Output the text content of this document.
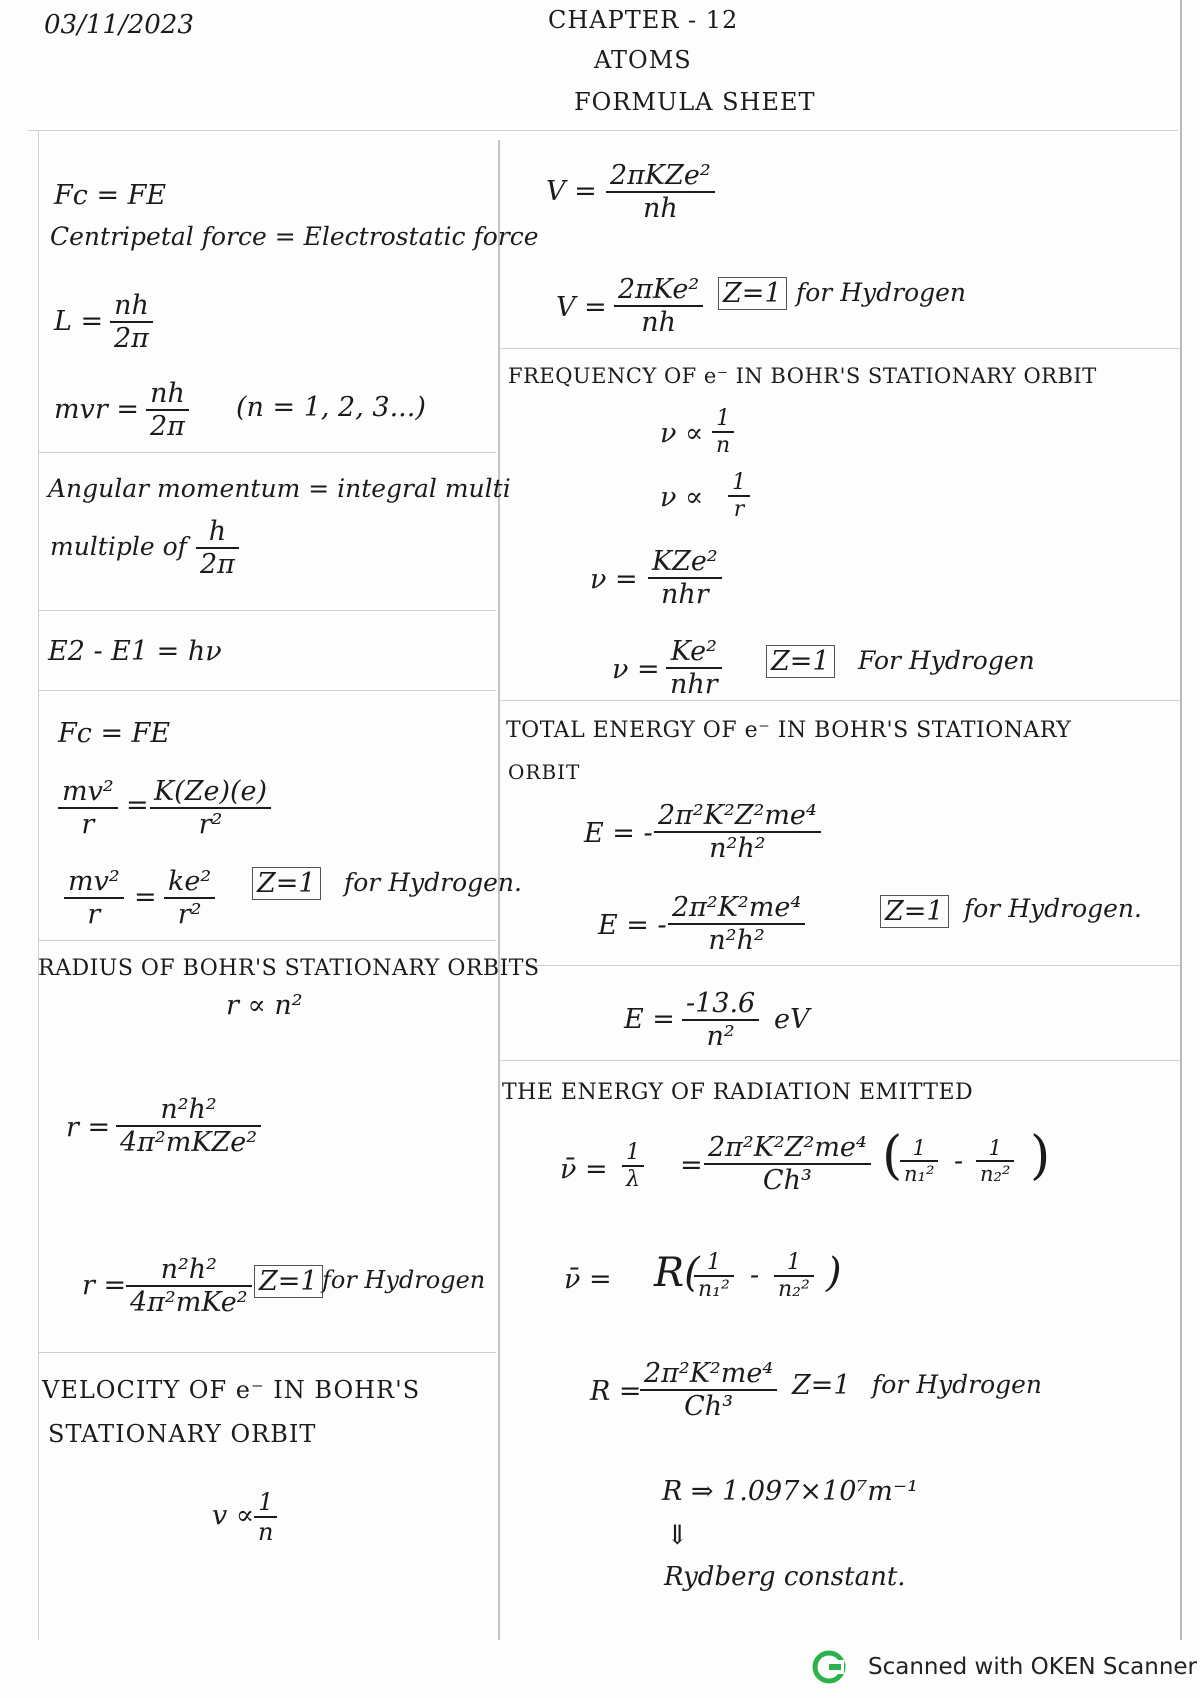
03/11/2023	CHAPTER - 12
ATOMS
FORMULA SHEET
Fc = FE
Centripetal force = Electrostatic force
$L = \frac{nh}{2\pi}$
mvr = $\frac{nh}{2\pi} (n = 1$, 2, 3...)
Angular momentum = integral multi
multiple of $\frac{h}{2\pi}$
E2 - E1 = hν
Fc = FE
$\frac{\text{mv²}}{r} = \frac{K(Ze)(e)}{\text{r²}}$
$\frac{\text{mv²}}{r} = \frac{\text{ke²}}{\text{r²}} Z=1$ for Hydrogen.
RADIUS OF BOHR'S STATIONARY ORBITS
r ∝ n²
r =
n²h²
4π²mKZe²
r =
n²h²
4π²mKe²
Z=1 for Hydrogen
VELOCITY OF e⁻ IN BOHR'S
STATIONARY ORBIT
$v \propto \frac{1}{n}$
V =
2πKZe²
nh
V =
2πKe²
nh
Z=1 for Hydrogen
FREQUENCY OF e⁻ IN BOHR'S STATIONARY ORBIT
$\nu \propto \frac{1}{n}$
$\nu \propto \frac{1}{r}$
ν =
KZe²
nhr
ν =
Ke²
nhr
Z=1 For Hydrogen
TOTAL ENERGY OF e⁻ IN BOHR'S STATIONARY
ORBIT
E = - $\frac{\text{2π²K²Z²me⁴}}{\text{n²h²}}$
E = - $\frac{\text{2π²K²me⁴}}{\text{n²h²}}$	Z=1 for Hydrogen.
$E = \frac{-13.6}{\text{n²}}$ eV
THE ENERGY OF RADIATION EMITTED
ν̄ = $\frac{1}{\lambda} = \frac{\text{2π²K²Z²me⁴}}{\text{Ch³}}$ (
$\frac{1}{\text{n₁²}} - \frac{1}{\text{n₂²}}$ )
ν̄ = R(
$\frac{1}{\text{n₁²}} - \frac{1}{\text{n₂²}}$ )
R =
$\frac{\text{2π²K²me⁴}}{\text{Ch³}} Z=1$ for Hydrogen
R ⇒ 1.097×10⁷m⁻¹
⇓
Rydberg constant.
Scanned with OKEN Scanner
